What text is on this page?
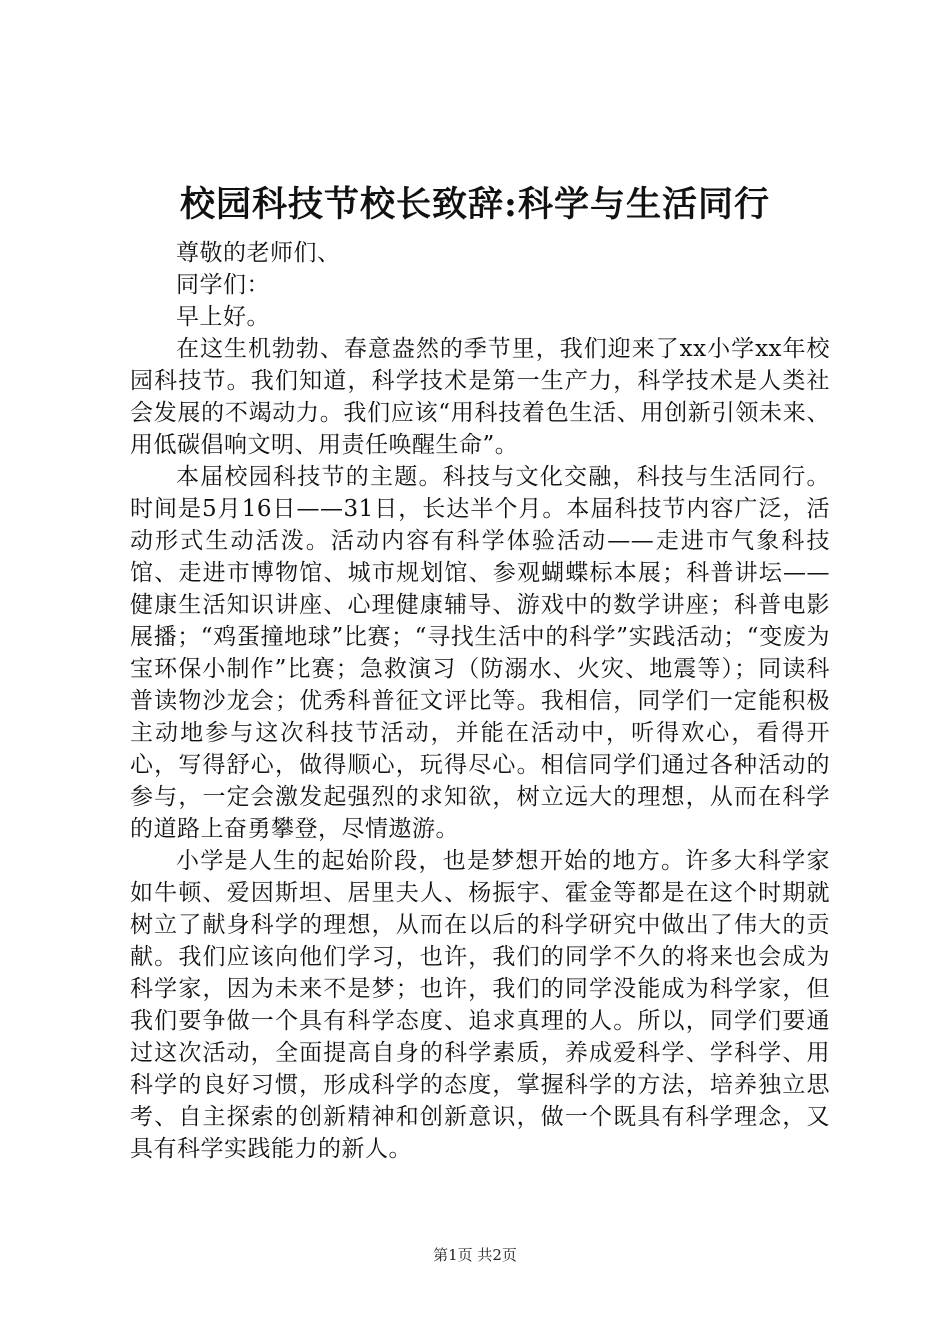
校园科技节校长致辞:科学与生活同行

尊敬的老师们、

同学们：

早上好。

在这生机勃勃、春意盎然的季节里，我们迎来了xx小学xx年校园科技节。我们知道，科学技术是第一生产力，科学技术是人类社会发展的不竭动力。我们应该“用科技着色生活、用创新引领未来、用低碳倡响文明、用责任唤醒生命”。

本届校园科技节的主题。科技与文化交融，科技与生活同行。时间是5月16日——31日，长达半个月。本届科技节内容广泛，活动形式生动活泼。活动内容有科学体验活动——走进市气象科技馆、走进市博物馆、城市规划馆、参观蝴蝶标本展；科普讲坛——健康生活知识讲座、心理健康辅导、游戏中的数学讲座；科普电影展播；“鸡蛋撞地球”比赛；“寻找生活中的科学”实践活动；“变废为宝环保小制作”比赛；急救演习（防溺水、火灾、地震等）；同读科普读物沙龙会；优秀科普征文评比等。我相信，同学们一定能积极主动地参与这次科技节活动，并能在活动中，听得欢心，看得开心，写得舒心，做得顺心，玩得尽心。相信同学们通过各种活动的参与，一定会激发起强烈的求知欲，树立远大的理想，从而在科学的道路上奋勇攀登，尽情遨游。

小学是人生的起始阶段，也是梦想开始的地方。许多大科学家如牛顿、爱因斯坦、居里夫人、杨振宇、霍金等都是在这个时期就树立了献身科学的理想，从而在以后的科学研究中做出了伟大的贡献。我们应该向他们学习，也许，我们的同学不久的将来也会成为科学家，因为未来不是梦；也许，我们的同学没能成为科学家，但我们要争做一个具有科学态度、追求真理的人。所以，同学们要通过这次活动，全面提高自身的科学素质，养成爱科学、学科学、用科学的良好习惯，形成科学的态度，掌握科学的方法，培养独立思考、自主探索的创新精神和创新意识，做一个既具有科学理念，又具有科学实践能力的新人。

第1页 共2页
